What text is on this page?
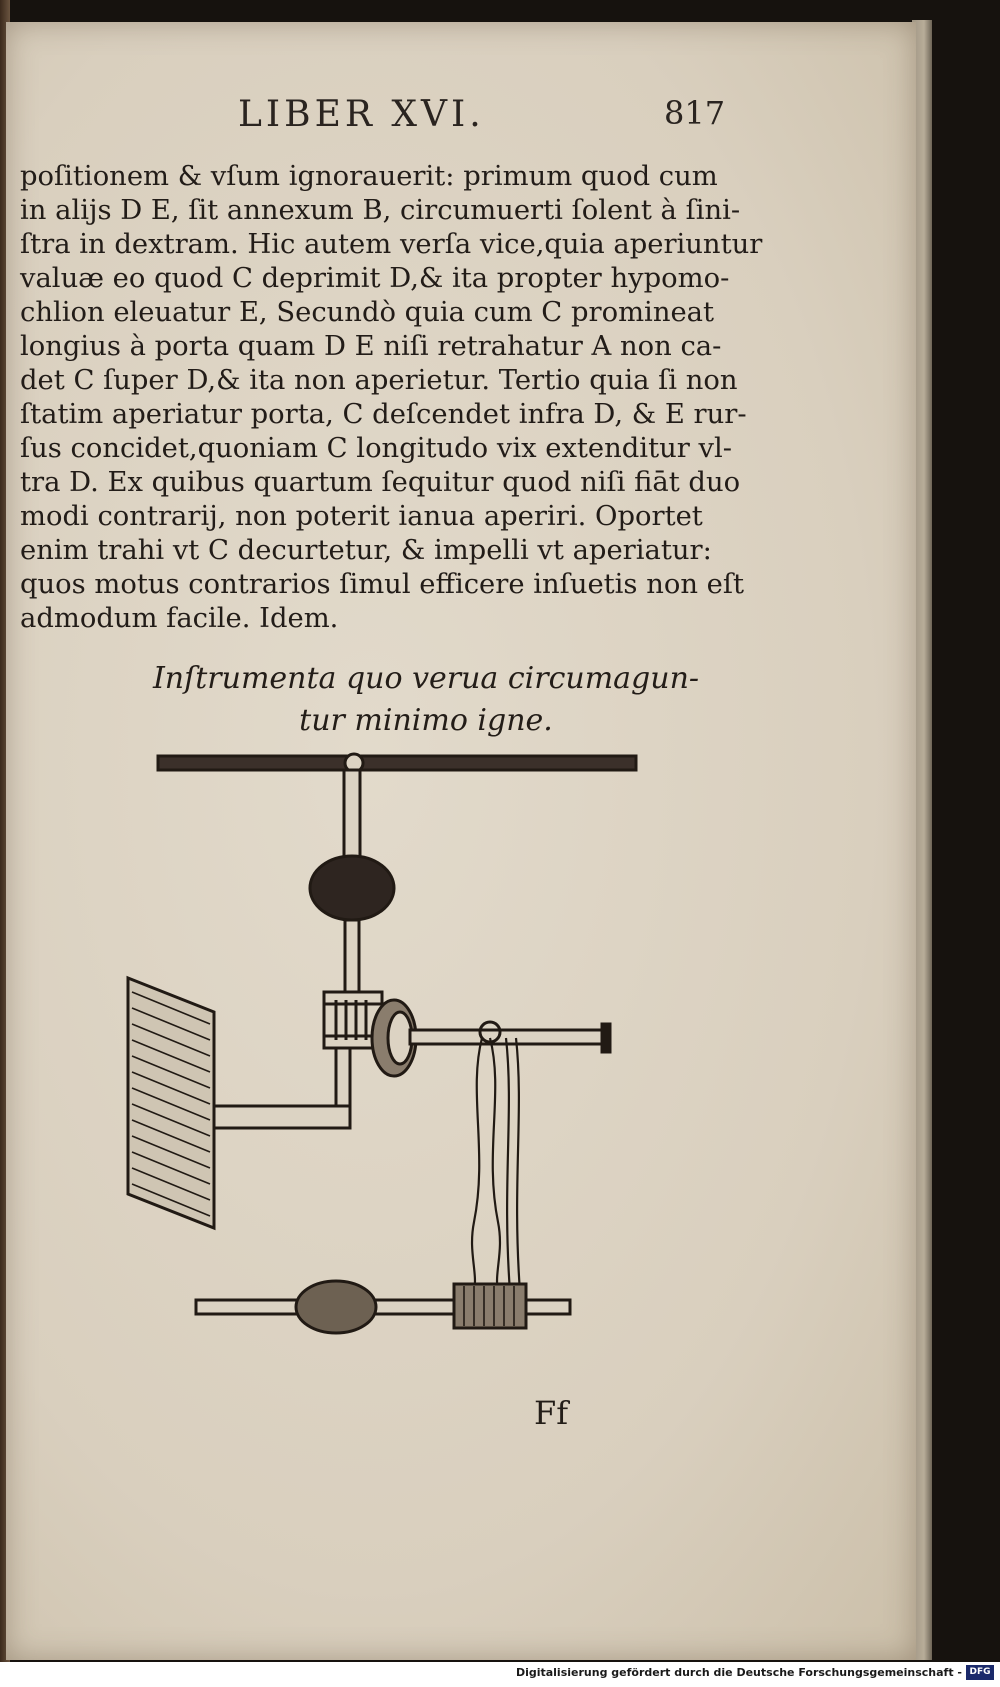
LIBER XVI.	817
poſitionem & vſum ignorauerit: primum quod cum
in alijs D E, ſit annexum B, circumuerti ſolent à ſini-
ſtra in dextram. Hic autem verſa vice,quia aperiuntur
valuæ eo quod C deprimit D,& ita propter hypomo-
chlion eleuatur E, Secundò quia cum C promineat
longius à porta quam D E niſi retrahatur A non ca-
det C ſuper D,& ita non aperietur. Tertio quia ſi non
ſtatim aperiatur porta, C deſcendet infra D, & E rur-
ſus concidet,quoniam C longitudo vix extenditur vl-
tra D. Ex quibus quartum ſequitur quod niſi fiāt duo
modi contrarij, non poterit ianua aperiri. Oportet
enim trahi vt C decurtetur, & impelli vt aperiatur:
quos motus contrarios ſimul efficere inſuetis non eſt
admodum facile. Idem.
Inſtrumenta quo verua circumagun-
tur minimo igne.
Ff
Digitalisierung gefördert durch die Deutsche Forschungsgemeinschaft - DFG
